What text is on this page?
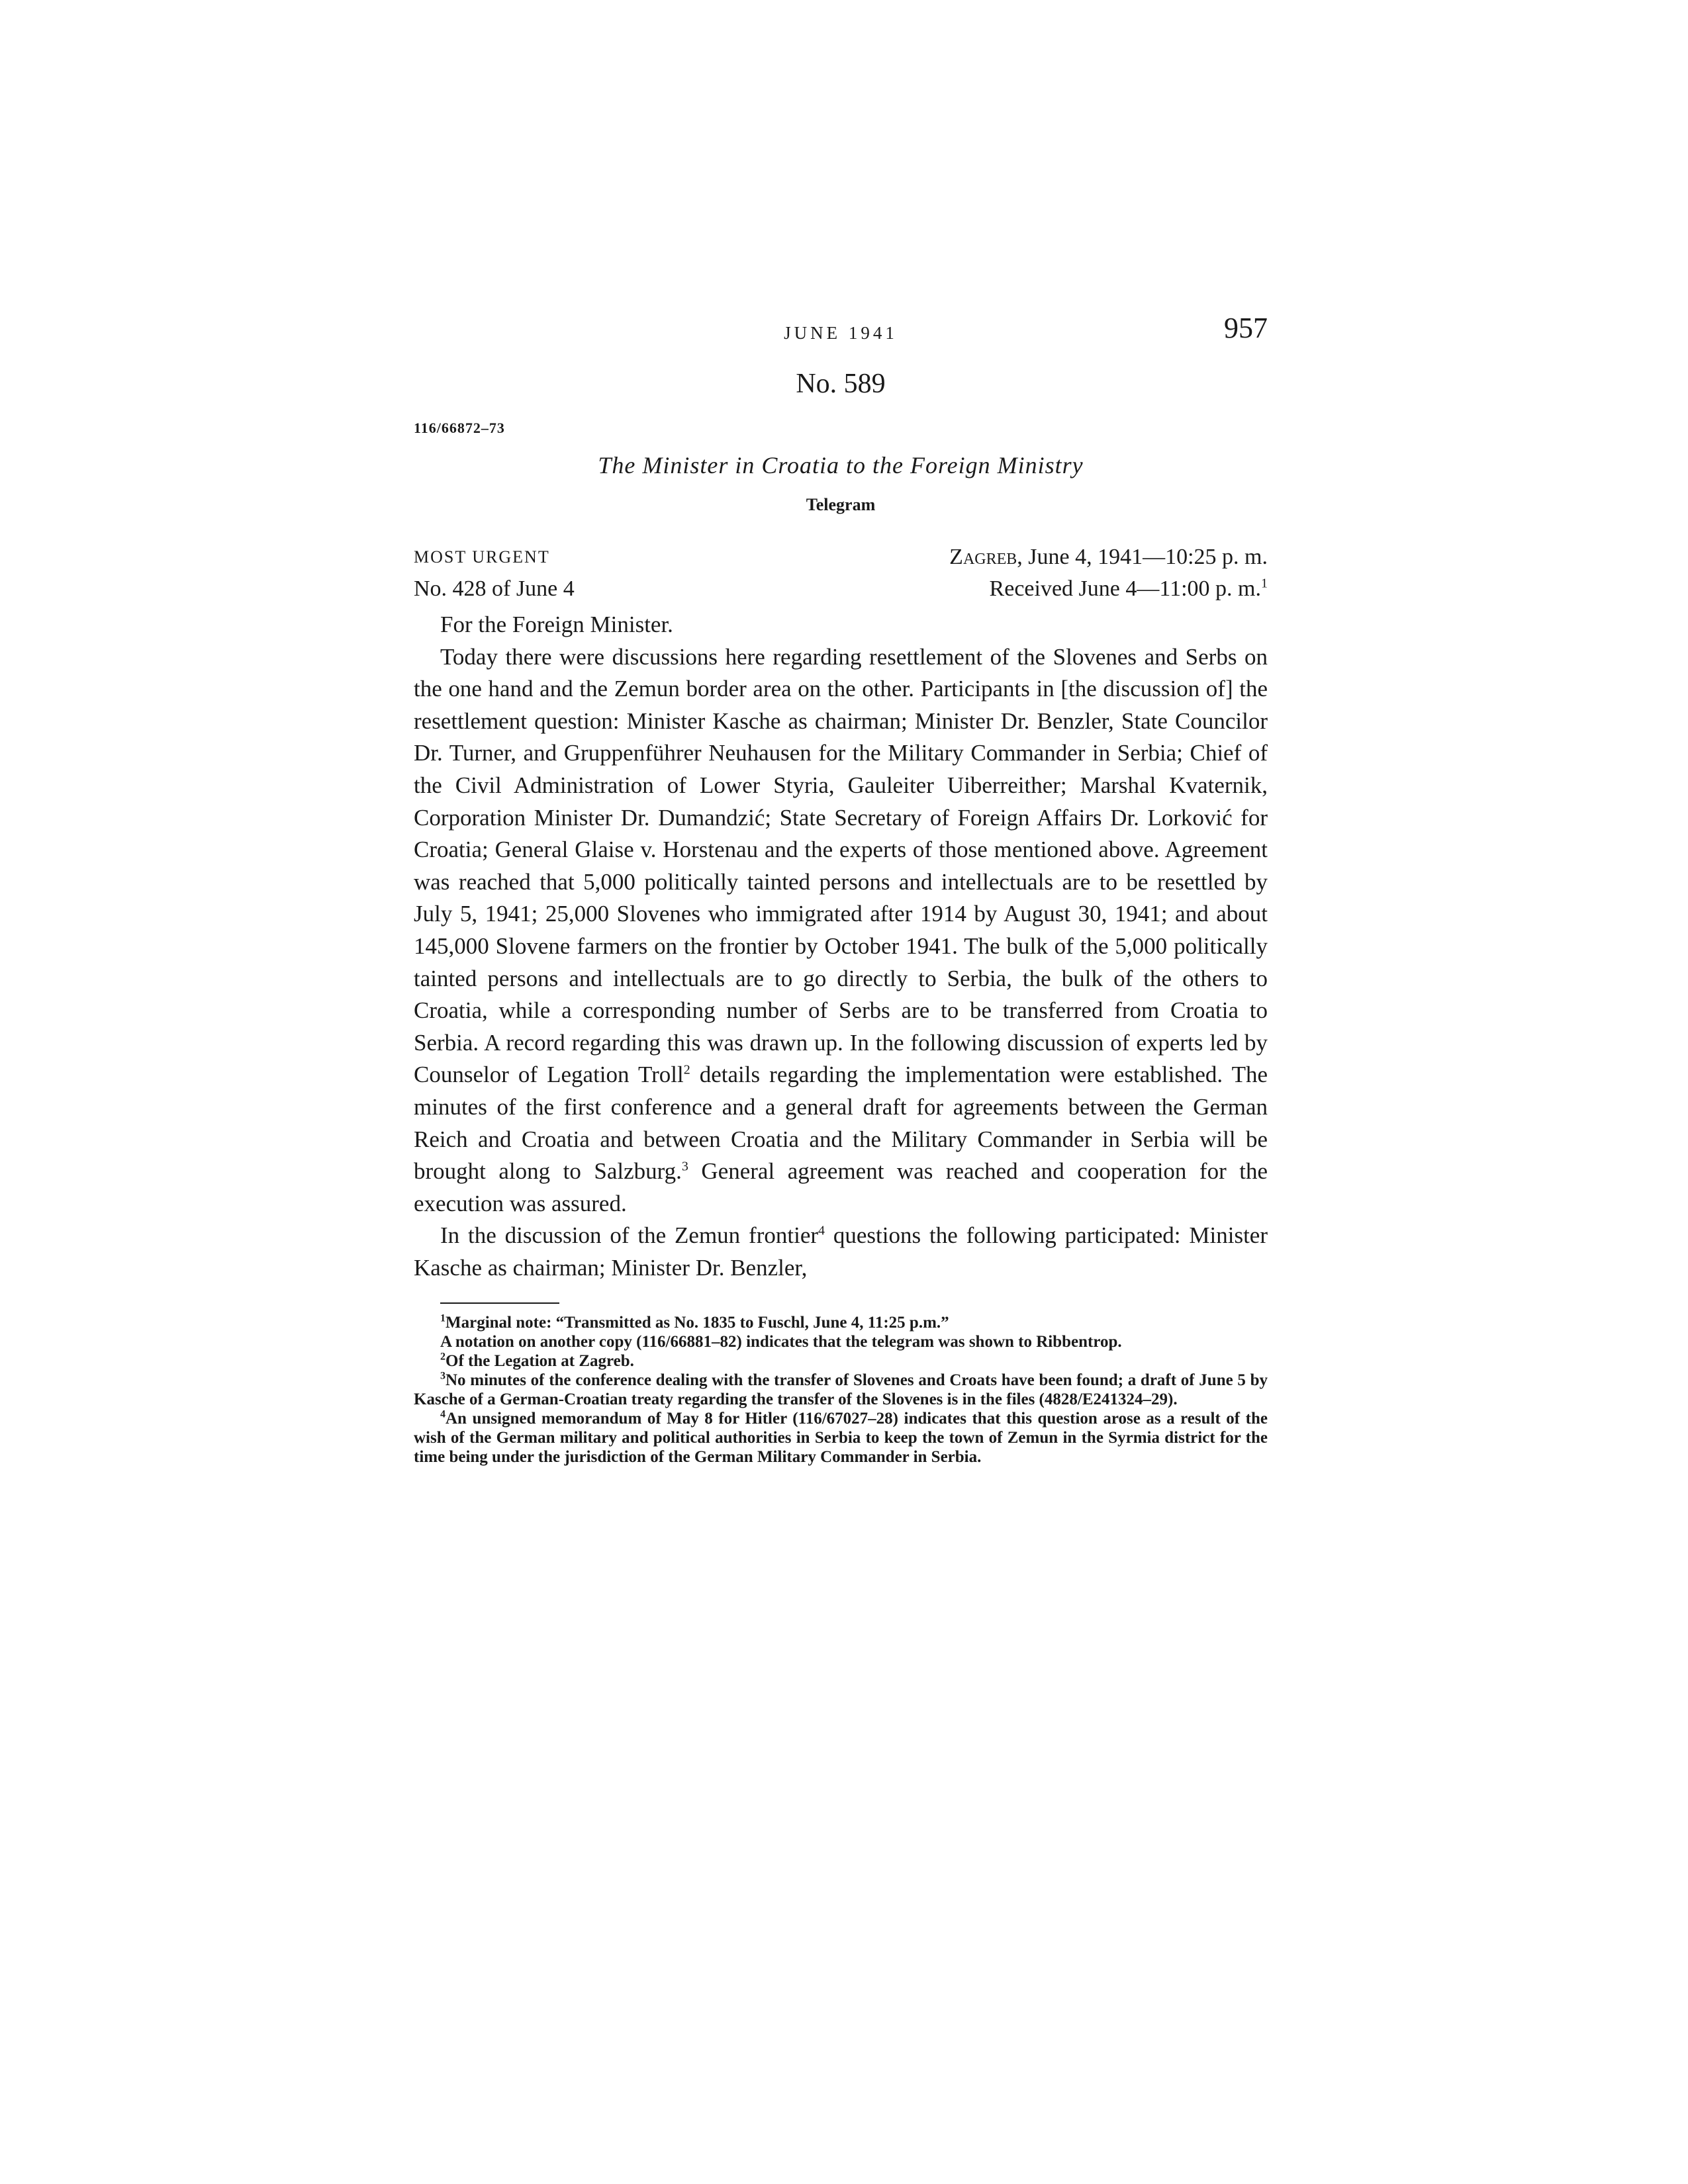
JUNE 1941	957
No. 589
116/66872–73
The Minister in Croatia to the Foreign Ministry
Telegram
MOST URGENT	Zagreb, June 4, 1941—10:25 p. m.
No. 428 of June 4	Received June 4—11:00 p. m.$^1$
For the Foreign Minister.

Today there were discussions here regarding resettlement of the Slovenes and Serbs on the one hand and the Zemun border area on the other. Participants in [the discussion of] the resettlement question: Minister Kasche as chairman; Minister Dr. Benzler, State Councilor Dr. Turner, and Gruppenführer Neuhausen for the Military Commander in Serbia; Chief of the Civil Administration of Lower Styria, Gauleiter Uiberreither; Marshal Kvaternik, Corporation Minister Dr. Dumandzić; State Secretary of Foreign Affairs Dr. Lorković for Croatia; General Glaise v. Horstenau and the experts of those mentioned above. Agreement was reached that 5,000 politically tainted persons and intellectuals are to be resettled by July 5, 1941; 25,000 Slovenes who immigrated after 1914 by August 30, 1941; and about 145,000 Slovene farmers on the frontier by October 1941. The bulk of the 5,000 politically tainted persons and intellectuals are to go directly to Serbia, the bulk of the others to Croatia, while a corresponding number of Serbs are to be transferred from Croatia to Serbia. A record regarding this was drawn up. In the following discussion of experts led by Counselor of Legation Troll$^2$ details regarding the implementation were established. The minutes of the first conference and a general draft for agreements between the German Reich and Croatia and between Croatia and the Military Commander in Serbia will be brought along to Salzburg.$^3$ General agreement was reached and cooperation for the execution was assured.

In the discussion of the Zemun frontier$^4$ questions the following participated: Minister Kasche as chairman; Minister Dr. Benzler,

$^1$Marginal note: “Transmitted as No. 1835 to Fuschl, June 4, 11:25 p.m.”

A notation on another copy (116/66881–82) indicates that the telegram was shown to Ribbentrop.

$^2$Of the Legation at Zagreb.

$^3$No minutes of the conference dealing with the transfer of Slovenes and Croats have been found; a draft of June 5 by Kasche of a German-Croatian treaty regarding the transfer of the Slovenes is in the files (4828/E241324–29).

$^4$An unsigned memorandum of May 8 for Hitler (116/67027–28) indicates that this question arose as a result of the wish of the German military and political authorities in Serbia to keep the town of Zemun in the Syrmia district for the time being under the jurisdiction of the German Military Commander in Serbia.
